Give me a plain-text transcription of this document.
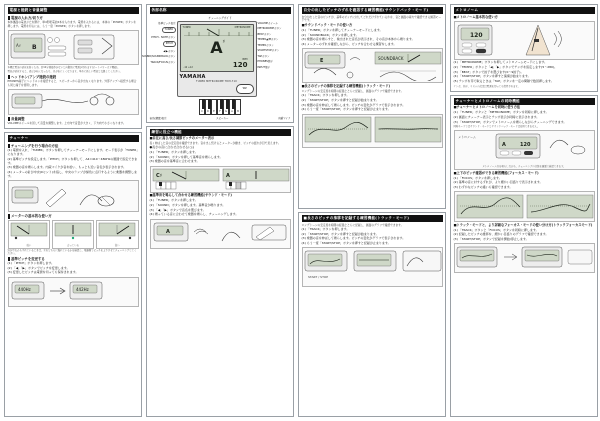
電源と接続と音量調整
電源の入れ方/切り方

本体裏面の電池ぶたを開け、単4形乾電池2本を入れます。電源を入れるには、本体の「POWER」ボタンを押します。電源を切るには、もう一度「POWER」ボタンを押します。

A♯ B

本機は電池の消耗を防ぐため、約10分間操作がないと自動的に電源が切れます(オートパワーオフ機能)。

電池が消耗すると、表示が暗くなったり、音が出にくくなります。早めに新しい電池と交換してください。

ヘッドホン/アンプ接続の接続

PHONES端子にヘッドホンを接続すると、スピーカーから音が出なくなります。外部アンプへ接続する場合も同じ端子を使用します。

音量調整

VOLUMEホイールを回して音量を調整します。上方向で音量が大きく、下方向で小さくなります。

チューナー
チューニングを行う場合の方法
(1) 電源を入れ、「TUNER」ボタンを押してチューナーモードにします。モード表示が「TUNER」になります。
(2) 基準ピッチを設定します。「PITCH」ボタンを押して、A4=410〜480Hzの範囲で設定できます。
(3) 楽器の音を鳴らします。内蔵マイクが音を拾い、もっとも近い音名が表示されます。
(4) メーターの針が中央(0セント)を指し、中央のランプが緑色に点灯するように楽器を調整します。
メーターの基本的な使い方
低い	合っている	高い

針が中央からずれているときは、左右どちらに振れているかを確認し、楽器側でピッチを上下させてチューニングしてください。

基準ピッチを変更する
(1) 「PITCH」ボタンを押します。
(2) 「◀」「▶」ボタンでピッチを変更します。
(3) 変更したピッチは電源を切っても保持されます。
440Hz	442Hz
各部名称
チューニングガイド
基準ピッチ表示
TUNER
PITCH・NOTEボタン
PITCH
◀/▶ボタン
SOUND/SOUNDBACKボタン
TRACK/FOCUSボタン
TUNER	METRONOME
A ♯
120
BPM
-12 +12
YAMAHA
TUNER METRONOME TDM-710
TAP
VOLUMEホイール
METRONOMEボタン
BEATボタン
TEMPO▲/▼ボタン
TEMPOボタン
STARTSTOPボタン
TAPボタン
PHONES端子
INPUT端子
C	D	E	F	G	A	B
音名(鍵盤)表示	スピーカー	内蔵マイク
練習に役立つ機能
■自在に高さ/長さ調節ピッチのメーター表示

長く伸ばした音の安定度を確認できます。音を出し続けるとメーターが動き、ピッチの揺れが目で見えます。

●長さの音に合わせ合わせるには
(1) 「TUNER」ボタンを押します。
(2) 「SOUND」ボタンを押して基準音を鳴らします。
(3) 楽器の音を基準音に合わせます。
C♯	A
■基準音を鳴らして合わせる練習機能(サウンド・モード)
(1) 「TUNER」ボタンを押します。
(2) 「SOUND」ボタンを押します。基準音が鳴ります。
(3) 「◀」「▶」ボタンで音名を選びます。
(4) 鳴っている音に合わせて楽器を鳴らし、チューニングします。
A
自分の出したピッチのずれを確認する練習機能(サウンドバック・モード)

自分が出した音のピッチが、基準のピッチに対してどれだけずれているかを、音と画面の両方で確認できる練習モードです。

■サウンドバック・モードの使い方
(1) 「TUNER」ボタンを押してチューナーモードにします。
(2) 「SOUNDBACK」ボタンを押します。
(3) 楽器の音を鳴らすと、検出された音名が表示され、その音が本体から鳴ります。
(4) メーターのずれを確認しながら、ピッチを合わせる練習をします。
E	SOUNDBACK
■長さのピッチの推移を記録する練習機能(トラック・モード)

ロングトーンの安定度を時間の経過とともに記録し、画面のグラフで確認できます。

(1) 「TRACK」ボタンを押します。
(2) 「START/STOP」ボタンを押すと記録が始まります。
(3) 楽器の音を伸ばして鳴らします。ピッチの変化がグラフで表示されます。
(4) もう一度「START/STOP」ボタンを押すと記録が止まります。
■長さのピッチの推移を記録する練習機能(トラック・モード)

ロングトーンの安定度を時間の経過とともに記録し、画面のグラフで確認できます。

(1) 「TRACK」ボタンを押します。
(2) 「START/STOP」ボタンを押すと記録が始まります。
(3) 楽器の音を伸ばして鳴らします。ピッチの変化がグラフで表示されます。
(4) もう一度「START/STOP」ボタンを押すと記録が止まります。
START / STOP
メトロノーム
■メトロノーム基本的な使い方
120
(1) 「METRONOME」ボタンを押してメトロノームモードにします。
(2) 「TEMPO」ボタンと「◀」「▶」ボタンでテンポを設定します(5〜280)。
(3) 「BEAT」ボタンで拍子を選びます(0〜9拍子)。
(4) 「START/STOP」ボタンを押すと演奏が始まります。
(5) テンポを耳で取るときは「TAP」ボタンを一定の間隔で数回押します。

テンポ、拍子、リズムの設定は電源を切っても保持されます。

チューナーとメトロノームの同時機能
■チューナーとメトロノームを同時に使う方法
(1) 「TUNER」ボタンと「METRONOME」ボタンを同時に押します。
(2) 画面にチューナー表示とテンポ表示が同時に表示されます。
(3) 「START/STOP」ボタンでメトロノームを鳴らしながらチューニングできます。

同時モードではサウンド・モードとサウンドバック・モードは使用できません。

メトロノーム
A	120
メトロノーム音を鳴らしながら、チューニングの状態を画面で確認できます。
■上下のピッチ確認ができる練習機能(フォーカス・モード)
(1) 「FOCUS」ボタンを押します。
(2) 基準の音に対するずれが、より細かい目盛りで表示されます。
(3) わずかなピッチの違いも確認できます。
■トラック・モードと、より詳細なフォーカス・モードの使い分け方(トラックフォーカスモード)
(1) 「TRACK」ボタンと「FOCUS」ボタンを同時に押します。
(2) 記録したピッチの推移を、細かい目盛りのグラフで確認できます。
(3) 「START/STOP」ボタンで記録を開始/停止します。
